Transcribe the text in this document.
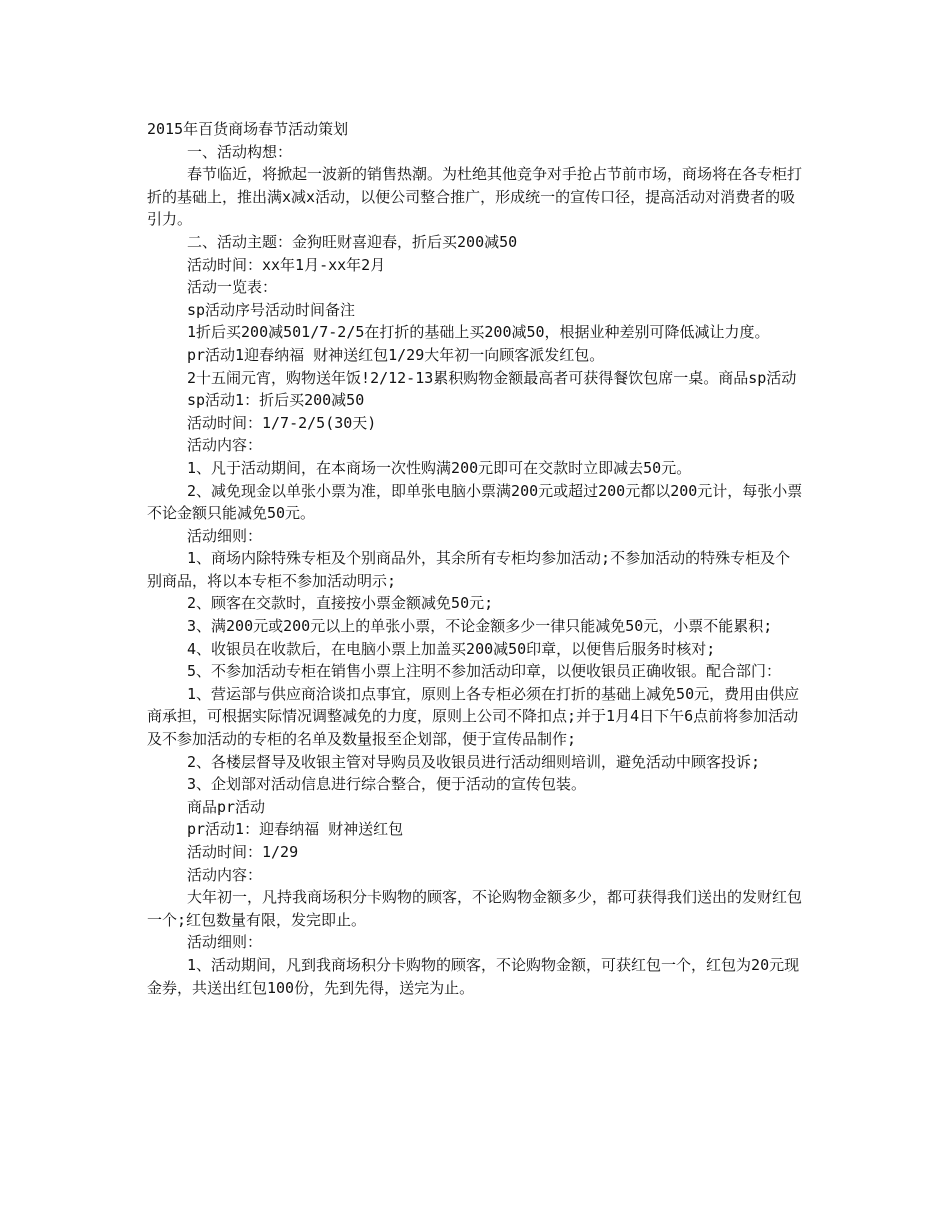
2015年百货商场春节活动策划

一、活动构想：

春节临近，将掀起一波新的销售热潮。为杜绝其他竞争对手抢占节前市场，商场将在各专柜打折的基础上，推出满x减x活动，以便公司整合推广，形成统一的宣传口径，提高活动对消费者的吸引力。

二、活动主题：金狗旺财喜迎春，折后买200减50

活动时间：xx年1月-xx年2月

活动一览表：

sp活动序号活动时间备注

1折后买200减501/7-2/5在打折的基础上买200减50，根据业种差别可降低减让力度。

pr活动1迎春纳福 财神送红包1/29大年初一向顾客派发红包。

2十五闹元宵，购物送年饭!2/12-13累积购物金额最高者可获得餐饮包席一桌。商品sp活动

sp活动1：折后买200减50

活动时间：1/7-2/5(30天)

活动内容：

1、凡于活动期间，在本商场一次性购满200元即可在交款时立即减去50元。

2、减免现金以单张小票为准，即单张电脑小票满200元或超过200元都以200元计，每张小票不论金额只能减免50元。

活动细则：

1、商场内除特殊专柜及个别商品外，其余所有专柜均参加活动;不参加活动的特殊专柜及个别商品，将以本专柜不参加活动明示;

2、顾客在交款时，直接按小票金额减免50元;

3、满200元或200元以上的单张小票，不论金额多少一律只能减免50元，小票不能累积;

4、收银员在收款后，在电脑小票上加盖买200减50印章，以便售后服务时核对;

5、不参加活动专柜在销售小票上注明不参加活动印章，以便收银员正确收银。配合部门：

1、营运部与供应商洽谈扣点事宜，原则上各专柜必须在打折的基础上减免50元，费用由供应商承担，可根据实际情况调整减免的力度，原则上公司不降扣点;并于1月4日下午6点前将参加活动及不参加活动的专柜的名单及数量报至企划部，便于宣传品制作;

2、各楼层督导及收银主管对导购员及收银员进行活动细则培训，避免活动中顾客投诉;

3、企划部对活动信息进行综合整合，便于活动的宣传包装。

商品pr活动

pr活动1：迎春纳福 财神送红包

活动时间：1/29

活动内容：

大年初一，凡持我商场积分卡购物的顾客，不论购物金额多少，都可获得我们送出的发财红包一个;红包数量有限，发完即止。

活动细则：

1、活动期间，凡到我商场积分卡购物的顾客，不论购物金额，可获红包一个，红包为20元现金券，共送出红包100份，先到先得，送完为止。
